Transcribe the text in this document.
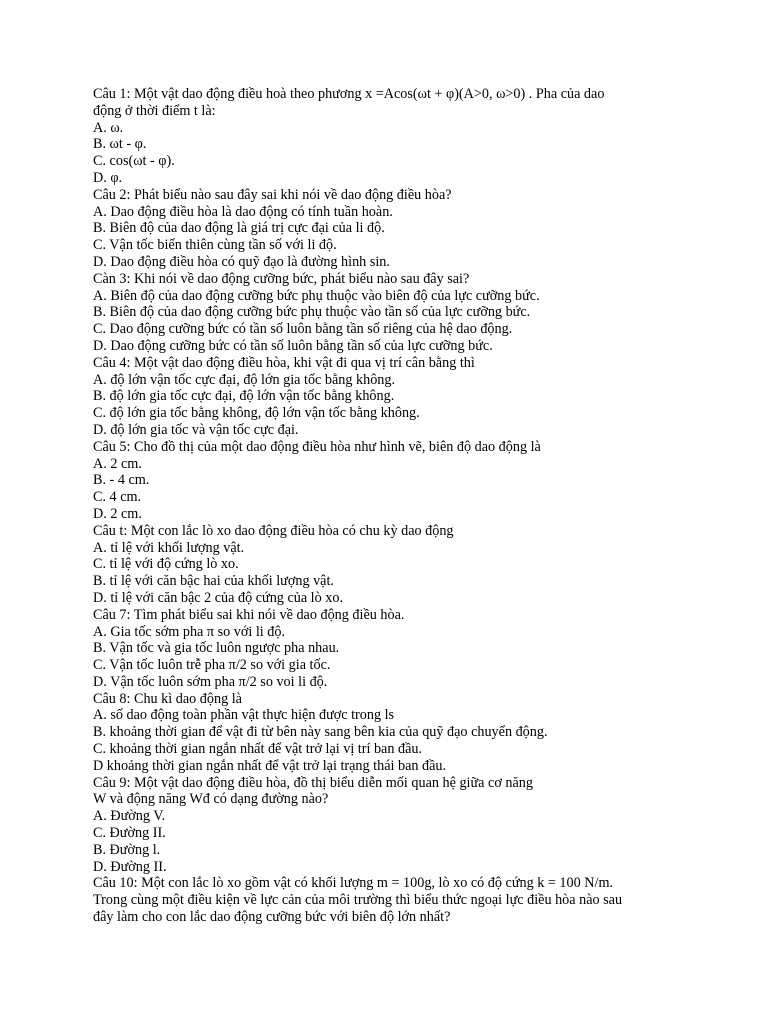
Câu 1: Một vật dao động điều hoà theo phương x =Acos(ωt + φ)(A>0, ω>0) . Pha của dao

động ở thời điểm t là:

A. ω.

B. ωt - φ.

C. cos(ωt - φ).

D. φ.

Câu 2: Phát biểu nào sau đây sai khi nói về dao động điều hòa?

A. Dao động điều hòa là dao động có tính tuần hoàn.

B. Biên độ của dao động là giá trị cực đại của li độ.

C. Vận tốc biến thiên cùng tần số với li độ.

D. Dao động điều hòa có quỹ đạo là đường hình sin.

Càn 3: Khi nói về dao động cưỡng bức, phát biểu nào sau đây sai?

A. Biên độ của dao động cưỡng bức phụ thuộc vào biên độ của lực cưỡng bức.

B. Biên độ của dao động cưỡng bức phụ thuộc vào tần số của lực cưỡng bức.

C. Dao động cưỡng bức có tần số luôn bằng tần số riêng của hệ dao động.

D. Dao động cưỡng bức có tần số luôn bằng tần số của lực cưỡng bức.

Câu 4: Một vật dao động điều hòa, khi vật đi qua vị trí cân bằng thì

A. độ lớn vận tốc cực đại, độ lớn gia tốc bằng không.

B. độ lớn gia tốc cực đại, độ lớn vận tốc bằng không.

C. độ lớn gia tốc bằng không, độ lớn vận tốc bằng không.

D. độ lớn gia tốc và vận tốc cực đại.

Câu 5: Cho đồ thị của một dao động điều hòa như hình vẽ, biên độ dao động là

A. 2 cm.

B. - 4 cm.

C. 4 cm.

D. 2 cm.

Câu t: Một con lắc lò xo dao động điều hòa có chu kỳ dao động

A. tỉ lệ với khối lượng vật.

C. tỉ lệ với độ cứng lò xo.

B. tỉ lệ với căn bậc hai của khối lượng vật.

D. tỉ lệ với căn bậc 2 của độ cứng của lò xo.

Câu 7: Tìm phát biểu sai khi nói về dao động điều hòa.

A. Gia tốc sớm pha π so với li độ.

B. Vận tốc và gia tốc luôn ngược pha nhau.

C. Vận tốc luôn trễ pha π/2 so với gia tốc.

D. Vận tốc luôn sớm pha π/2 so voi li độ.

Câu 8: Chu kì dao động là

A. số dao động toàn phần vật thực hiện được trong ls

B. khoảng thời gian để vật đi từ bên này sang bên kia của quỹ đạo chuyển động.

C. khoảng thời gian ngắn nhất để vật trở lại vị trí ban đầu.

D khoảng thời gian ngắn nhất để vật trở lại trạng thái ban đầu.

Câu 9: Một vật dao động điều hòa, đồ thị biểu diễn mối quan hệ giữa cơ năng

W và động năng Wđ có dạng đường nào?

A. Đường V.

C. Đường II.

B. Đường l.

D. Đường II.

Câu 10: Một con lắc lò xo gồm vật có khối lượng m = 100g, lò xo có độ cứng k = 100 N/m.

Trong cùng một điều kiện về lực cản của môi trường thì biểu thức ngoại lực điều hòa nào sau

đây làm cho con lắc dao động cưỡng bức với biên độ lớn nhất?
